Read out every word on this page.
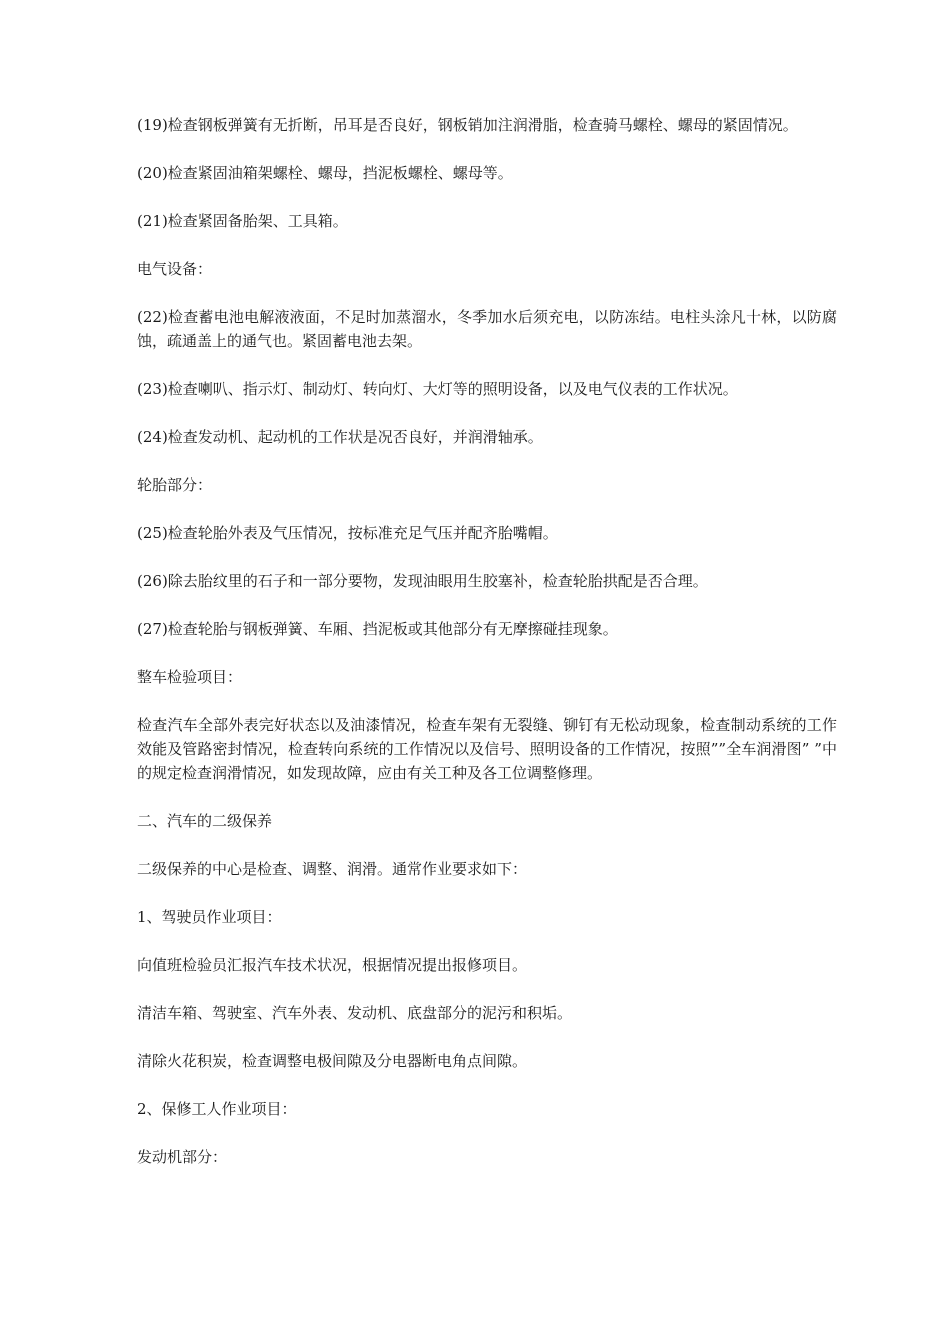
(19)检查钢板弹簧有无折断，吊耳是否良好，钢板销加注润滑脂，检查骑马螺栓、螺母的紧固情况。

(20)检查紧固油箱架螺栓、螺母，挡泥板螺栓、螺母等。

(21)检查紧固备胎架、工具箱。

电气设备：

(22)检查蓄电池电解液液面，不足时加蒸溜水，冬季加水后须充电，以防冻结。电柱头涂凡十林，以防腐蚀，疏通盖上的通气也。紧固蓄电池去架。

(23)检查喇叭、指示灯、制动灯、转向灯、大灯等的照明设备，以及电气仪表的工作状况。

(24)检查发动机、起动机的工作状是况否良好，并润滑轴承。

轮胎部分：

(25)检查轮胎外表及气压情况，按标准充足气压并配齐胎嘴帽。

(26)除去胎纹里的石子和一部分要物，发现油眼用生胶塞补，检查轮胎拱配是否合理。

(27)检查轮胎与钢板弹簧、车厢、挡泥板或其他部分有无摩擦碰挂现象。

整车检验项目：

检查汽车全部外表完好状态以及油漆情况，检查车架有无裂缝、铆钉有无松动现象，检查制动系统的工作效能及管路密封情况，检查转向系统的工作情况以及信号、照明设备的工作情况，按照””全车润滑图” ”中的规定检查润滑情况，如发现故障，应由有关工种及各工位调整修理。

二、汽车的二级保养

二级保养的中心是检查、调整、润滑。通常作业要求如下：

1、驾驶员作业项目：

向值班检验员汇报汽车技术状况，根据情况提出报修项目。

清洁车箱、驾驶室、汽车外表、发动机、底盘部分的泥污和积垢。

清除火花积炭，检查调整电极间隙及分电器断电角点间隙。

2、保修工人作业项目：

发动机部分：
